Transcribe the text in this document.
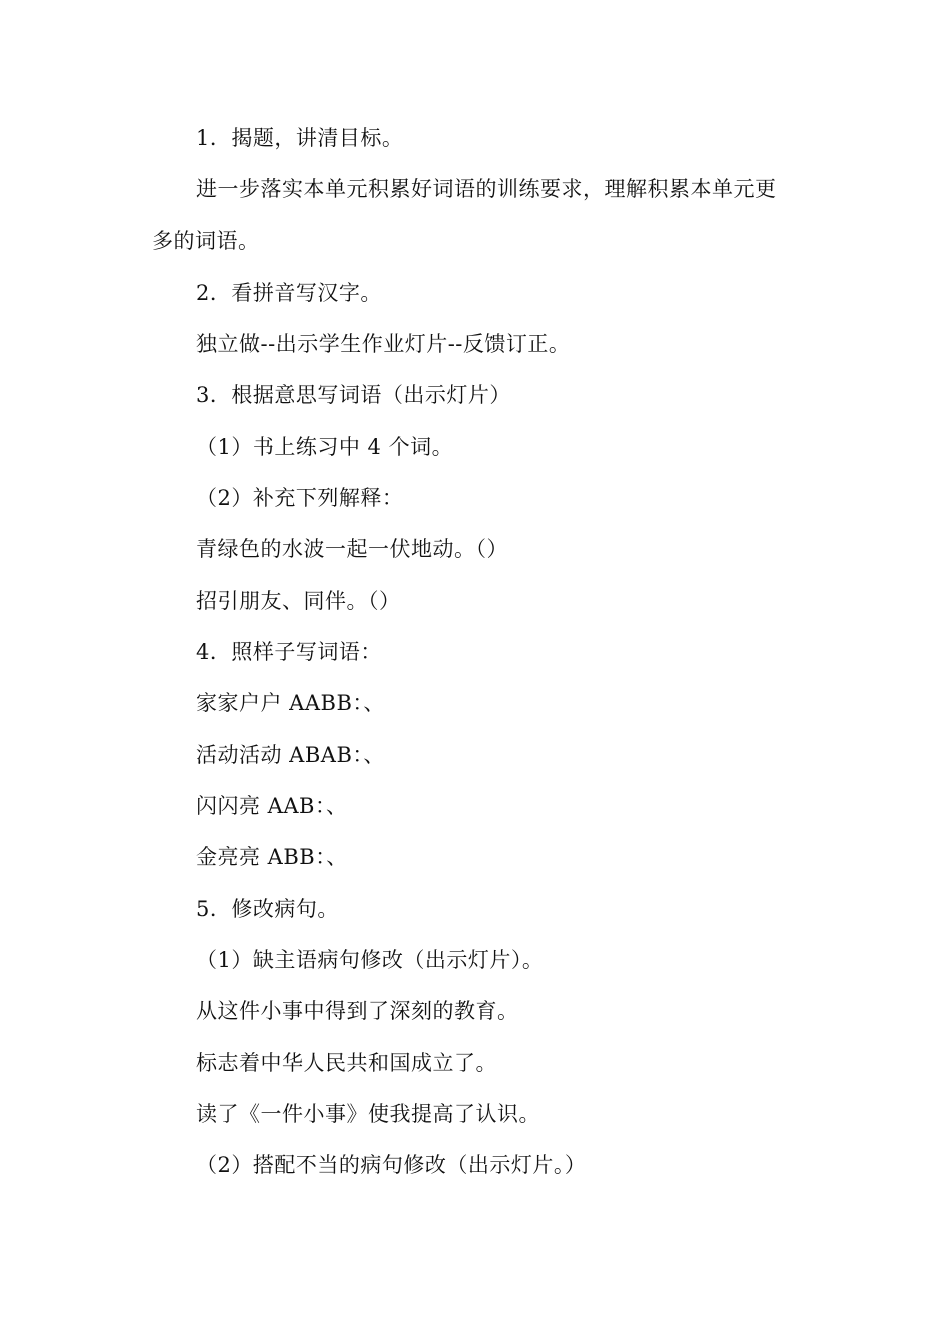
1．揭题，讲清目标。
进一步落实本单元积累好词语的训练要求，理解积累本单元更
多的词语。
2．看拼音写汉字。
独立做--出示学生作业灯片--反馈订正。
3．根据意思写词语（出示灯片）
（1）书上练习中 4 个词。
（2）补充下列解释：
青绿色的水波一起一伏地动。（）
招引朋友、同伴。（）
4．照样子写词语：
家家户户 AABB：、
活动活动 ABAB：、
闪闪亮 AAB：、
金亮亮 ABB：、
5．修改病句。
（1）缺主语病句修改（出示灯片）。
从这件小事中得到了深刻的教育。
标志着中华人民共和国成立了。
读了《一件小事》使我提高了认识。
（2）搭配不当的病句修改（出示灯片。）
